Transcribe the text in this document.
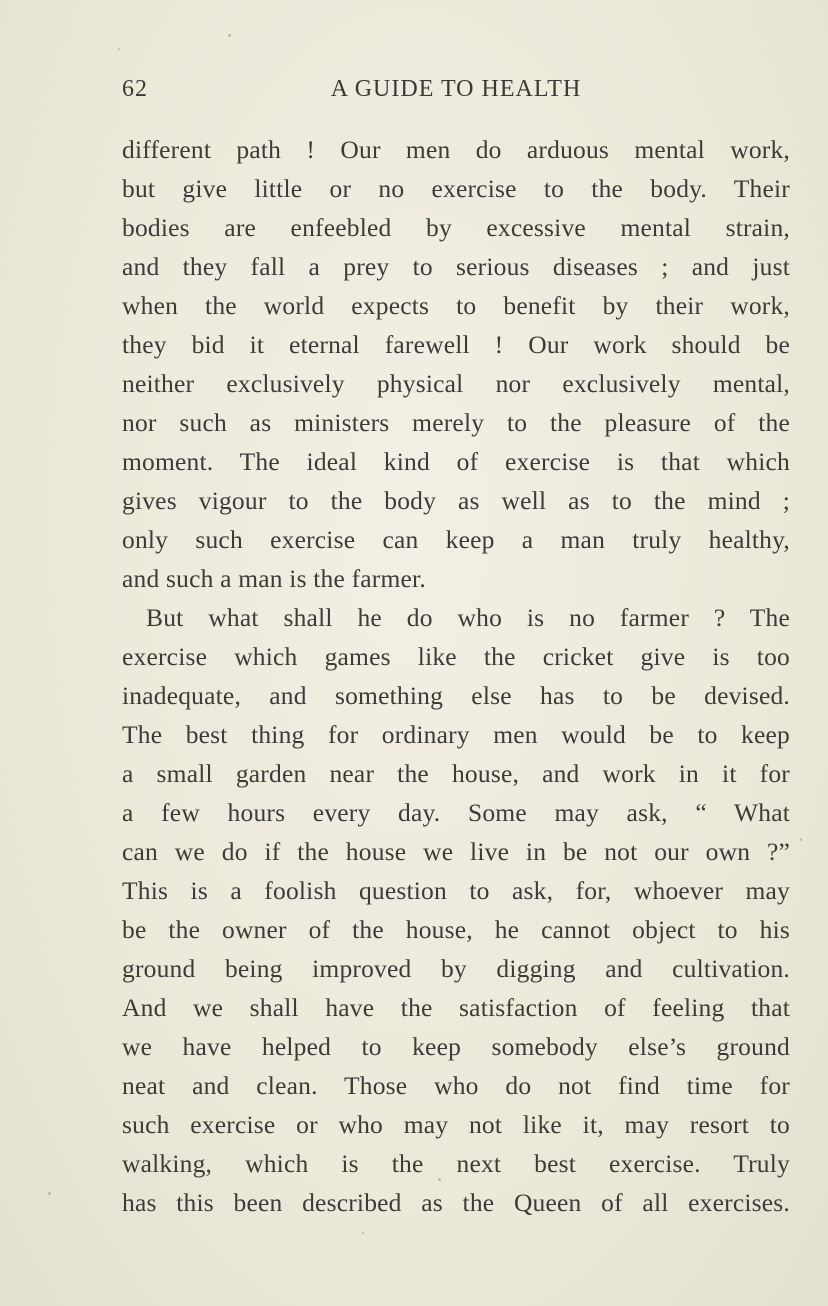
62	A GUIDE TO HEALTH
different path ! Our men do arduous mental work,
but give little or no exercise to the body. Their
bodies are enfeebled by excessive mental strain,
and they fall a prey to serious diseases ; and just
when the world expects to benefit by their work,
they bid it eternal farewell ! Our work should be
neither exclusively physical nor exclusively mental,
nor such as ministers merely to the pleasure of the
moment. The ideal kind of exercise is that which
gives vigour to the body as well as to the mind ;
only such exercise can keep a man truly healthy,
and such a man is the farmer.
But what shall he do who is no farmer ? The
exercise which games like the cricket give is too
inadequate, and something else has to be devised.
The best thing for ordinary men would be to keep
a small garden near the house, and work in it for
a few hours every day. Some may ask, “ What
can we do if the house we live in be not our own ?”
This is a foolish question to ask, for, whoever may
be the owner of the house, he cannot object to his
ground being improved by digging and cultivation.
And we shall have the satisfaction of feeling that
we have helped to keep somebody else’s ground
neat and clean. Those who do not find time for
such exercise or who may not like it, may resort to
walking, which is the next best exercise. Truly
has this been described as the Queen of all exercises.
